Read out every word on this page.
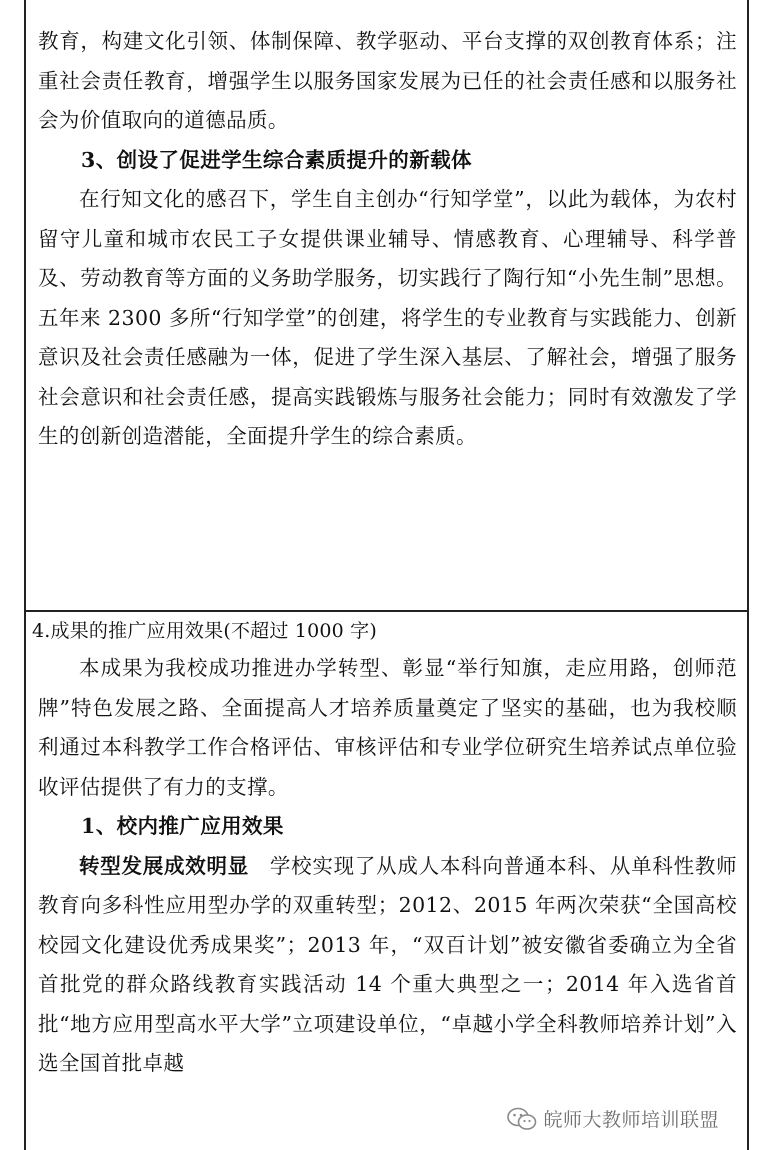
教育，构建文化引领、体制保障、教学驱动、平台支撑的双创教育体系；注重社会责任教育，增强学生以服务国家发展为已任的社会责任感和以服务社会为价值取向的道德品质。

3、创设了促进学生综合素质提升的新载体

在行知文化的感召下，学生自主创办“行知学堂”，以此为载体，为农村留守儿童和城市农民工子女提供课业辅导、情感教育、心理辅导、科学普及、劳动教育等方面的义务助学服务，切实践行了陶行知“小先生制”思想。五年来 2300 多所“行知学堂”的创建，将学生的专业教育与实践能力、创新意识及社会责任感融为一体，促进了学生深入基层、了解社会，增强了服务社会意识和社会责任感，提高实践锻炼与服务社会能力；同时有效激发了学生的创新创造潜能，全面提升学生的综合素质。

4.成果的推广应用效果(不超过 1000 字)

本成果为我校成功推进办学转型、彰显“举行知旗，走应用路，创师范牌”特色发展之路、全面提高人才培养质量奠定了坚实的基础，也为我校顺利通过本科教学工作合格评估、审核评估和专业学位研究生培养试点单位验收评估提供了有力的支撑。

1、校内推广应用效果

转型发展成效明显 学校实现了从成人本科向普通本科、从单科性教师教育向多科性应用型办学的双重转型；2012、2015 年两次荣获“全国高校校园文化建设优秀成果奖”；2013 年，“双百计划”被安徽省委确立为全省首批党的群众路线教育实践活动 14 个重大典型之一；2014 年入选省首批“地方应用型高水平大学”立项建设单位，“卓越小学全科教师培养计划”入选全国首批卓越

皖师大教师培训联盟
